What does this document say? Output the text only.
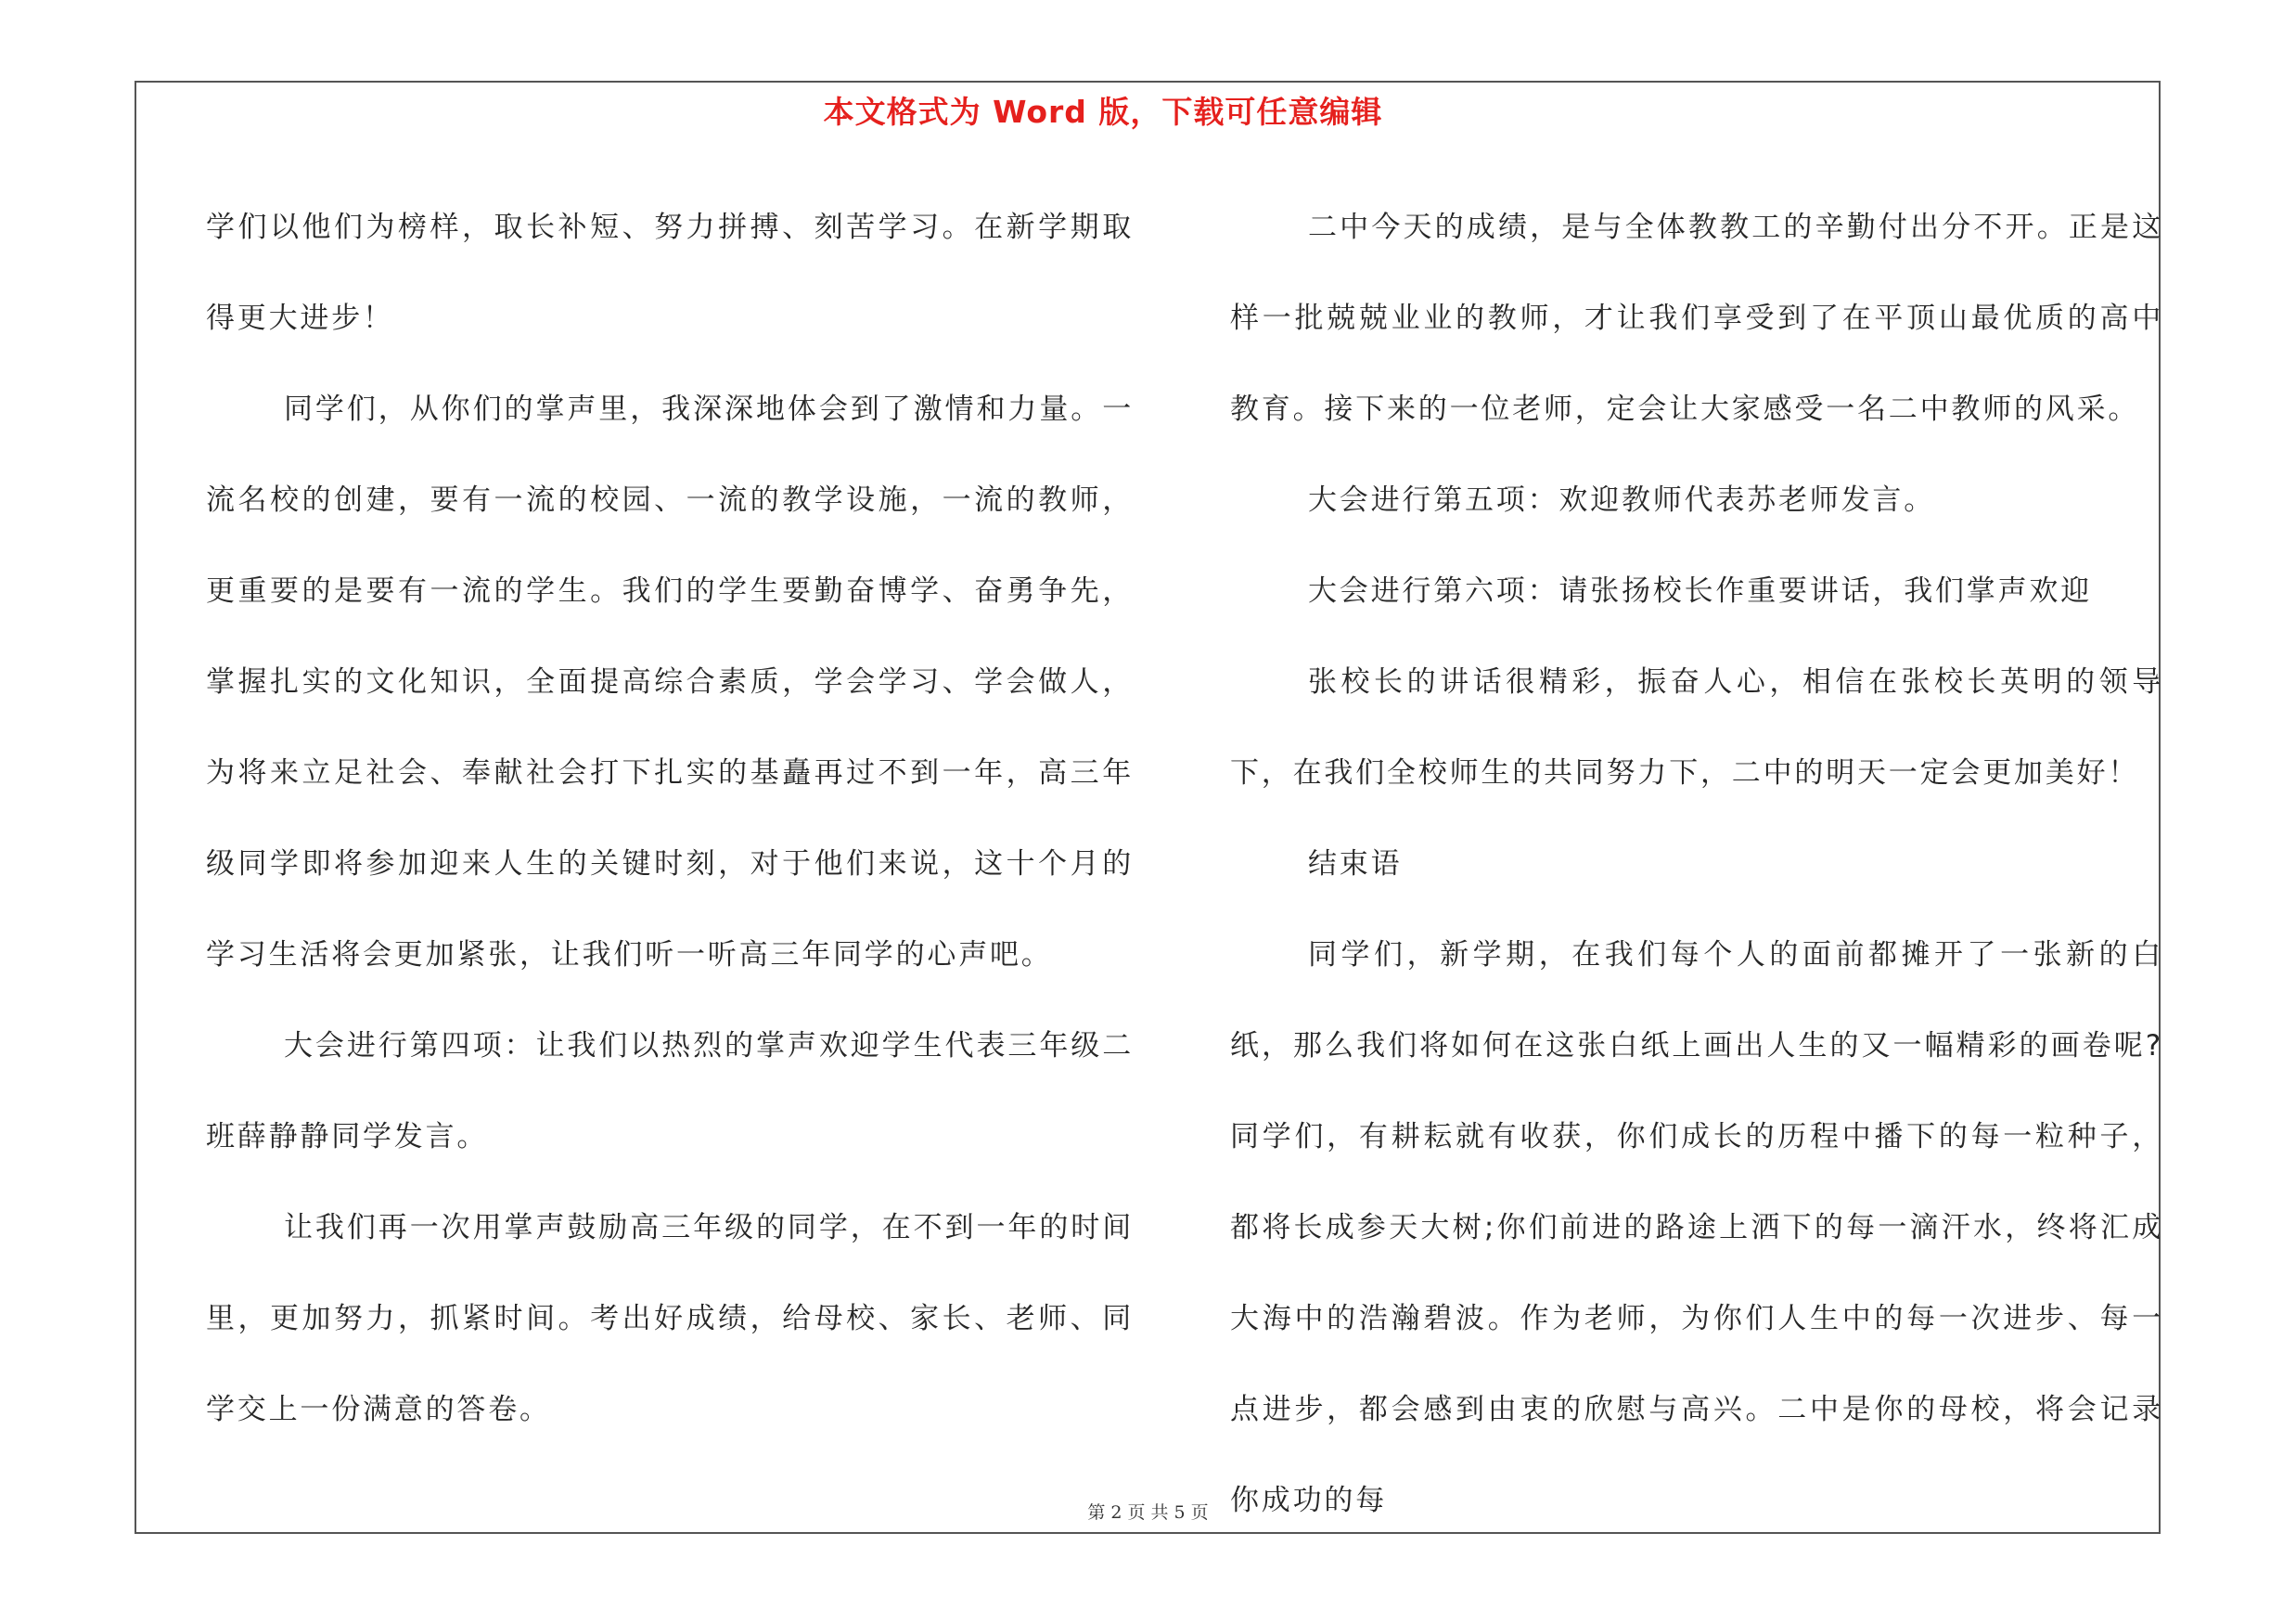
本文格式为 Word 版，下载可任意编辑

学们以他们为榜样，取长补短、努力拼搏、刻苦学习。在新学期取得更大进步！

同学们，从你们的掌声里，我深深地体会到了激情和力量。一流名校的创建，要有一流的校园、一流的教学设施，一流的教师，更重要的是要有一流的学生。我们的学生要勤奋博学、奋勇争先，掌握扎实的文化知识，全面提高综合素质，学会学习、学会做人，为将来立足社会、奉献社会打下扎实的基矗再过不到一年，高三年级同学即将参加迎来人生的关键时刻，对于他们来说，这十个月的学习生活将会更加紧张，让我们听一听高三年同学的心声吧。

大会进行第四项：让我们以热烈的掌声欢迎学生代表三年级二班薛静静同学发言。

让我们再一次用掌声鼓励高三年级的同学，在不到一年的时间里，更加努力，抓紧时间。考出好成绩，给母校、家长、老师、同学交上一份满意的答卷。

二中今天的成绩，是与全体教教工的辛勤付出分不开。正是这样一批兢兢业业的教师，才让我们享受到了在平顶山最优质的高中教育。接下来的一位老师，定会让大家感受一名二中教师的风采。

大会进行第五项：欢迎教师代表苏老师发言。

大会进行第六项：请张扬校长作重要讲话，我们掌声欢迎

张校长的讲话很精彩，振奋人心，相信在张校长英明的领导下，在我们全校师生的共同努力下，二中的明天一定会更加美好！

结束语

同学们，新学期，在我们每个人的面前都摊开了一张新的白纸，那么我们将如何在这张白纸上画出人生的又一幅精彩的画卷呢?同学们，有耕耘就有收获，你们成长的历程中播下的每一粒种子，都将长成参天大树;你们前进的路途上洒下的每一滴汗水，终将汇成大海中的浩瀚碧波。作为老师，为你们人生中的每一次进步、每一点进步，都会感到由衷的欣慰与高兴。二中是你的母校，将会记录你成功的每

第 2 页 共 5 页
